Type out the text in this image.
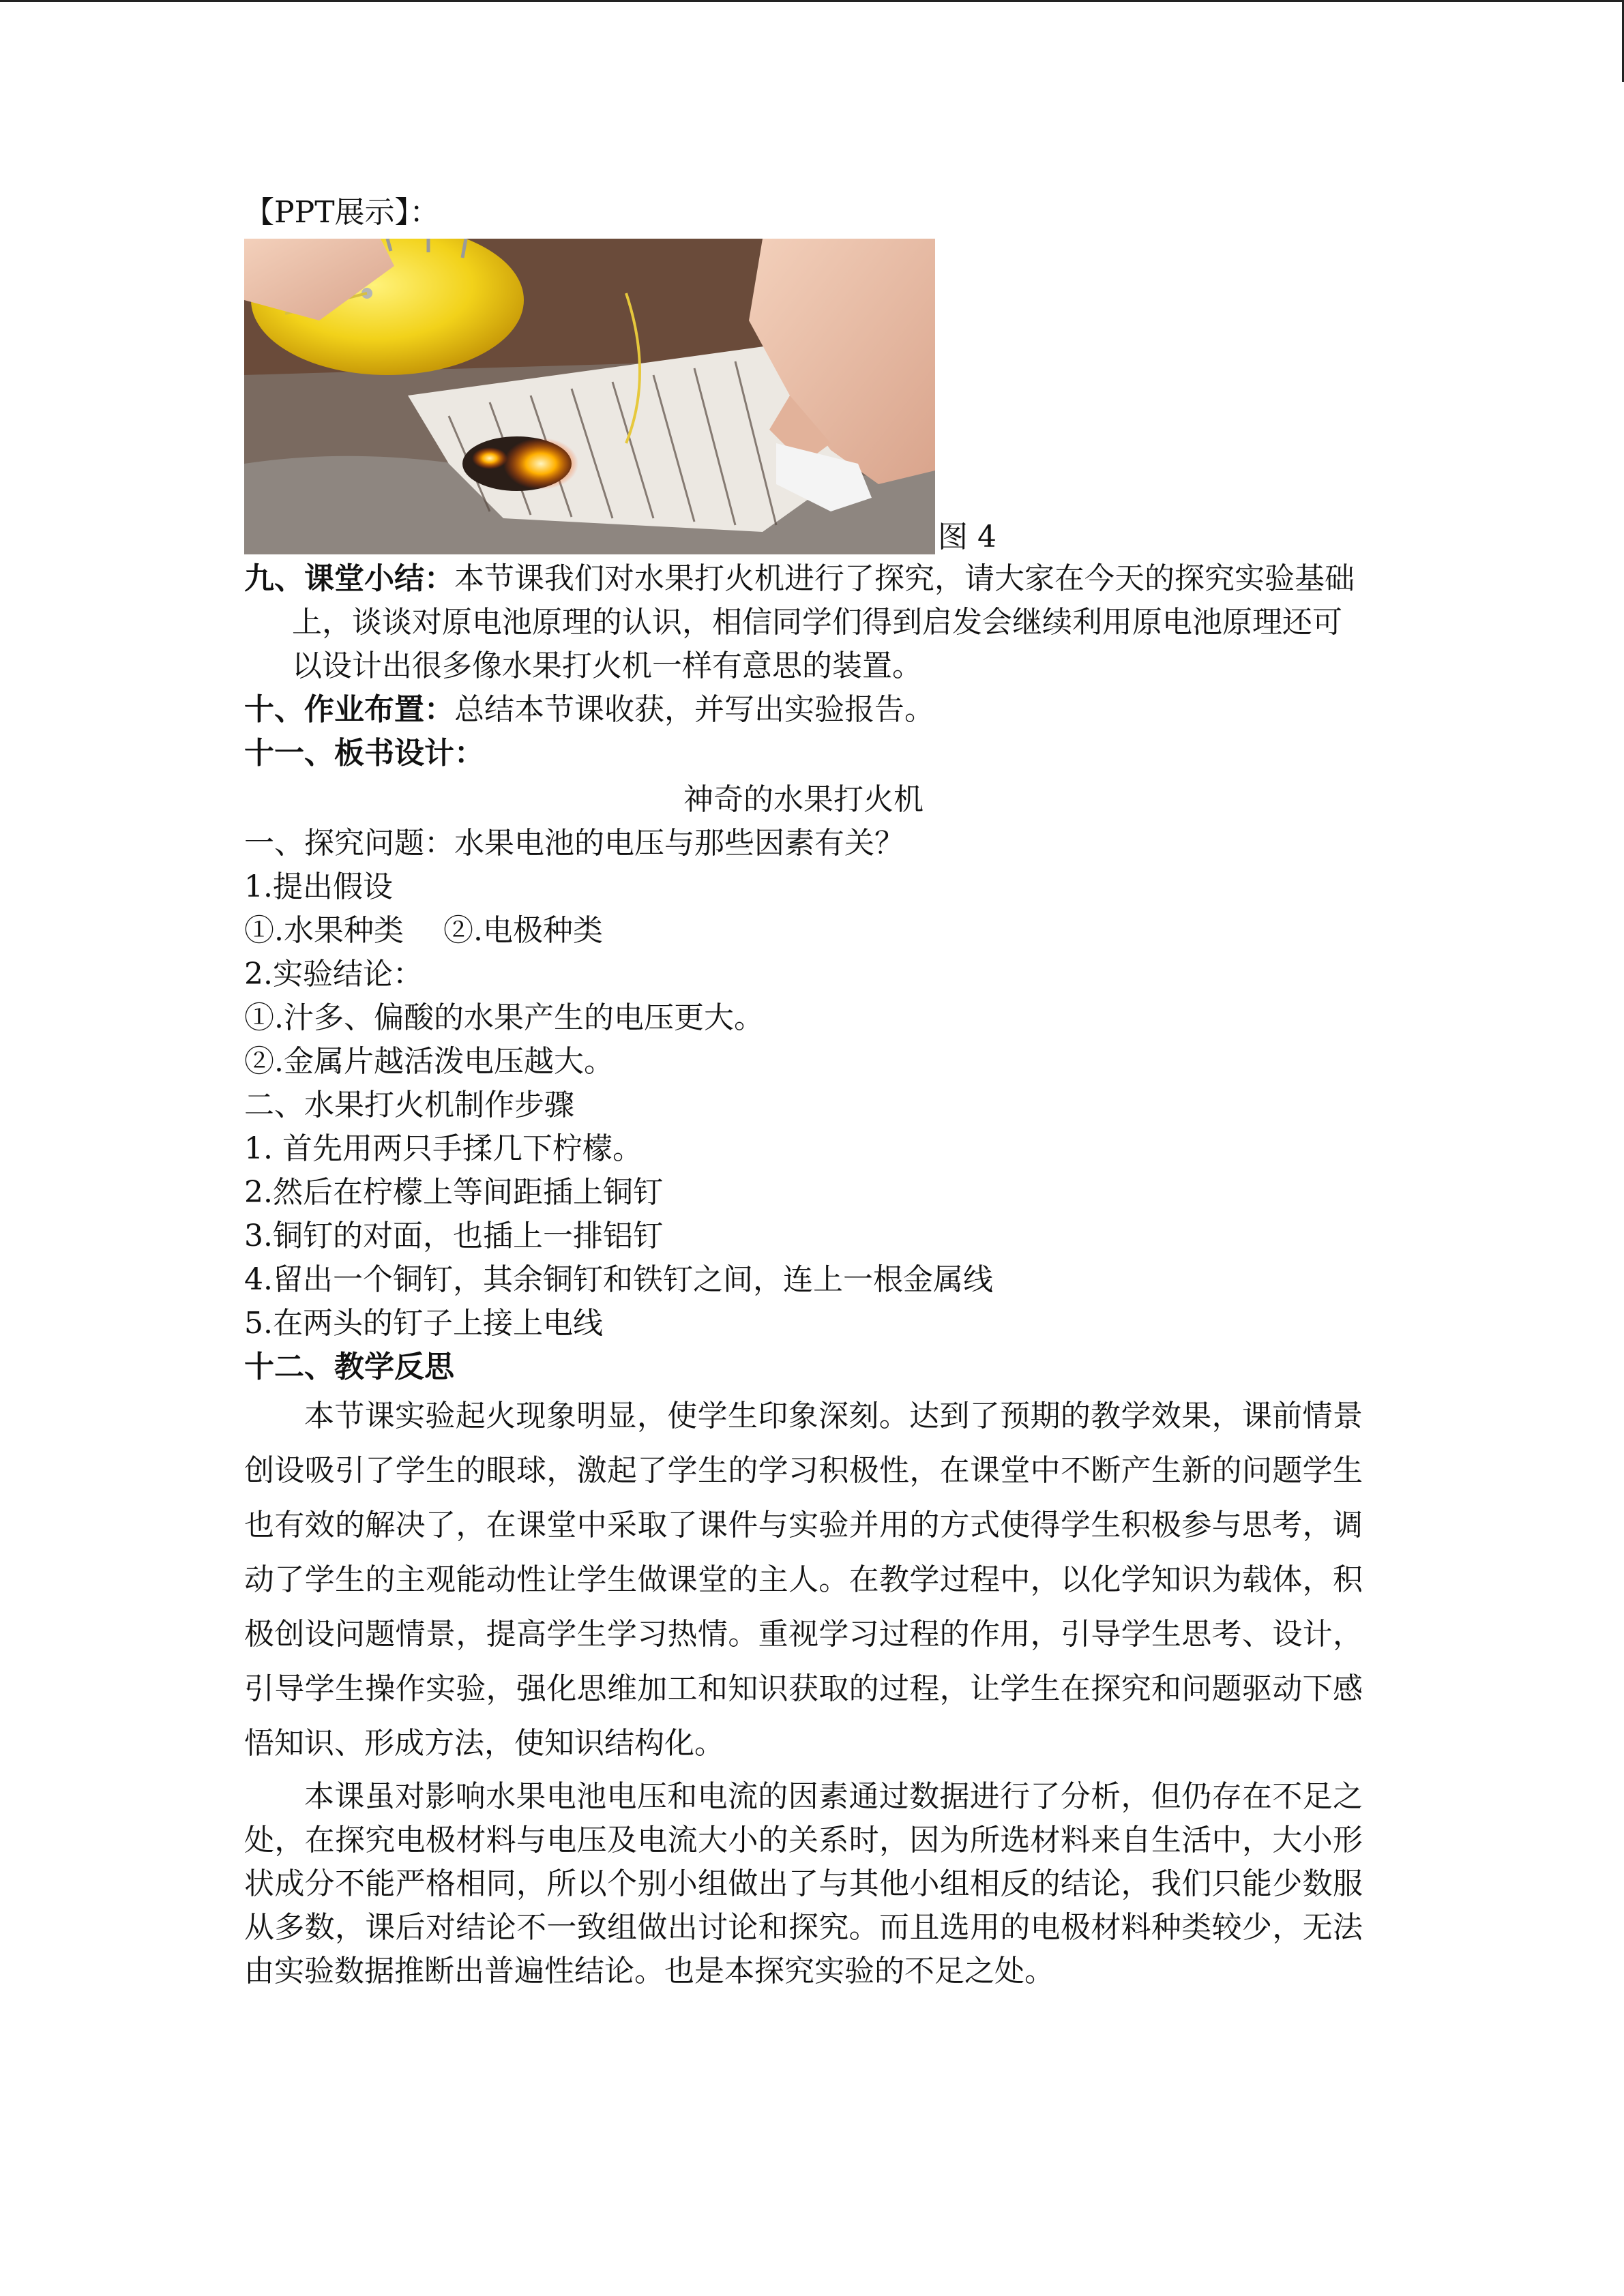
【PPT展示】：
图 4
九、课堂小结：本节课我们对水果打火机进行了探究，请大家在今天的探究实验基础上，谈谈对原电池原理的认识，相信同学们得到启发会继续利用原电池原理还可以设计出很多像水果打火机一样有意思的装置。
十、作业布置：总结本节课收获，并写出实验报告。
十一、板书设计：
神奇的水果打火机
一、探究问题：水果电池的电压与那些因素有关？
1.提出假设
①.水果种类　 ②.电极种类
2.实验结论：
①.汁多、偏酸的水果产生的电压更大。
②.金属片越活泼电压越大。
二、水果打火机制作步骤
1. 首先用两只手揉几下柠檬。
2.然后在柠檬上等间距插上铜钉
3.铜钉的对面，也插上一排铝钉
4.留出一个铜钉，其余铜钉和铁钉之间，连上一根金属线
5.在两头的钉子上接上电线
十二、教学反思
本节课实验起火现象明显，使学生印象深刻。达到了预期的教学效果，课前情景创设吸引了学生的眼球，激起了学生的学习积极性，在课堂中不断产生新的问题学生也有效的解决了，在课堂中采取了课件与实验并用的方式使得学生积极参与思考，调动了学生的主观能动性让学生做课堂的主人。在教学过程中，以化学知识为载体，积极创设问题情景，提高学生学习热情。重视学习过程的作用，引导学生思考、设计，引导学生操作实验，强化思维加工和知识获取的过程，让学生在探究和问题驱动下感悟知识、形成方法，使知识结构化。
本课虽对影响水果电池电压和电流的因素通过数据进行了分析，但仍存在不足之处，在探究电极材料与电压及电流大小的关系时，因为所选材料来自生活中，大小形状成分不能严格相同，所以个别小组做出了与其他小组相反的结论，我们只能少数服从多数，课后对结论不一致组做出讨论和探究。而且选用的电极材料种类较少，无法由实验数据推断出普遍性结论。也是本探究实验的不足之处。
